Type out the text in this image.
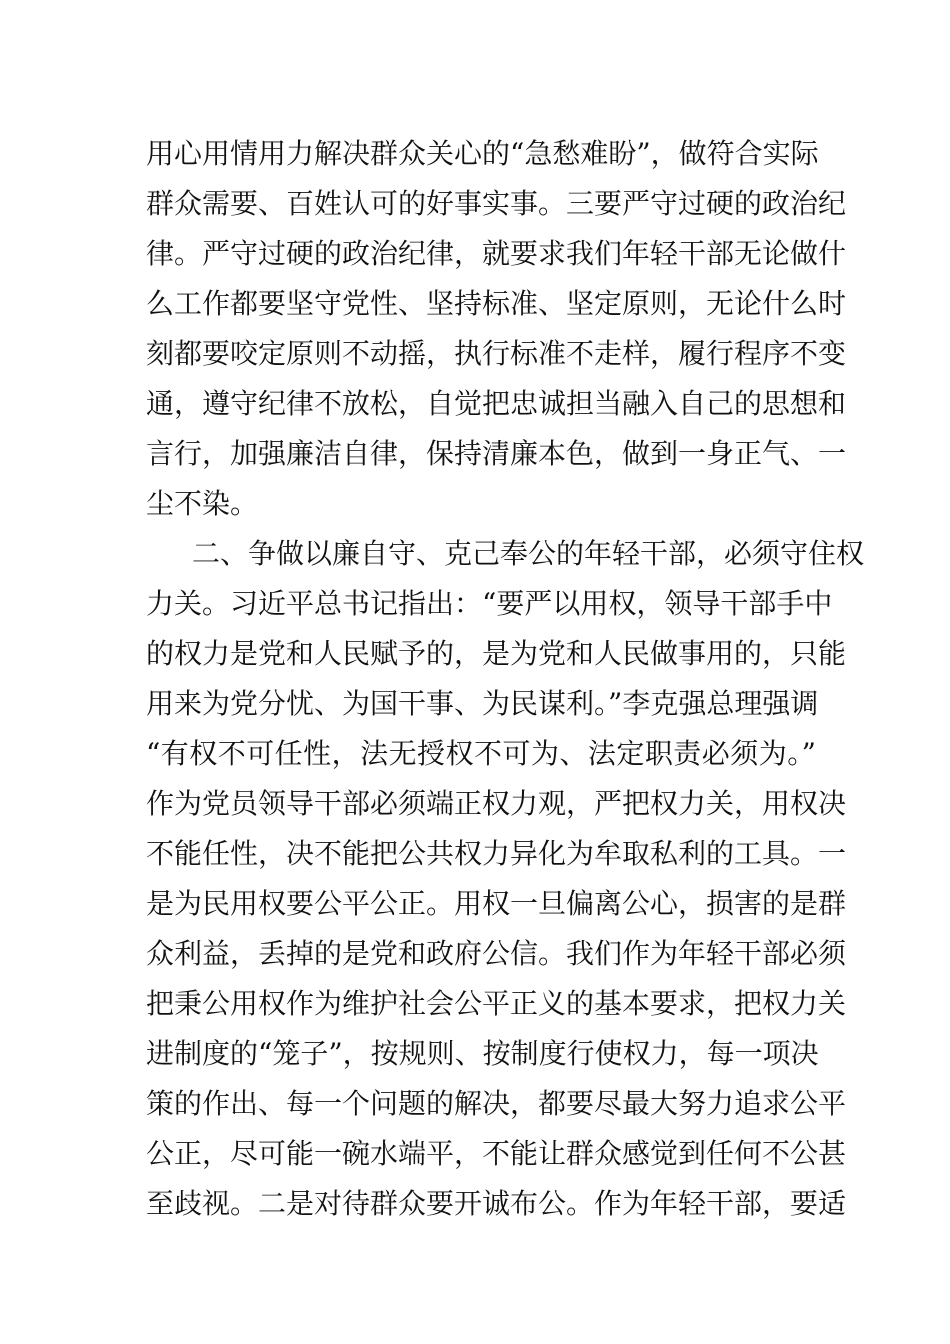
用心用情用力解决群众关心的“急愁难盼”，做符合实际
群众需要、百姓认可的好事实事。三要严守过硬的政治纪
律。严守过硬的政治纪律，就要求我们年轻干部无论做什
么工作都要坚守党性、坚持标准、坚定原则，无论什么时
刻都要咬定原则不动摇，执行标准不走样，履行程序不变
通，遵守纪律不放松，自觉把忠诚担当融入自己的思想和
言行，加强廉洁自律，保持清廉本色，做到一身正气、一
尘不染。
二、争做以廉自守、克己奉公的年轻干部，必须守住权
力关。习近平总书记指出：“要严以用权，领导干部手中
的权力是党和人民赋予的，是为党和人民做事用的，只能
用来为党分忧、为国干事、为民谋利。”李克强总理强调
“有权不可任性，法无授权不可为、法定职责必须为。”
作为党员领导干部必须端正权力观，严把权力关，用权决
不能任性，决不能把公共权力异化为牟取私利的工具。一
是为民用权要公平公正。用权一旦偏离公心，损害的是群
众利益，丢掉的是党和政府公信。我们作为年轻干部必须
把秉公用权作为维护社会公平正义的基本要求，把权力关
进制度的“笼子”，按规则、按制度行使权力，每一项决
策的作出、每一个问题的解决，都要尽最大努力追求公平
公正，尽可能一碗水端平，不能让群众感觉到任何不公甚
至歧视。二是对待群众要开诚布公。作为年轻干部，要适
